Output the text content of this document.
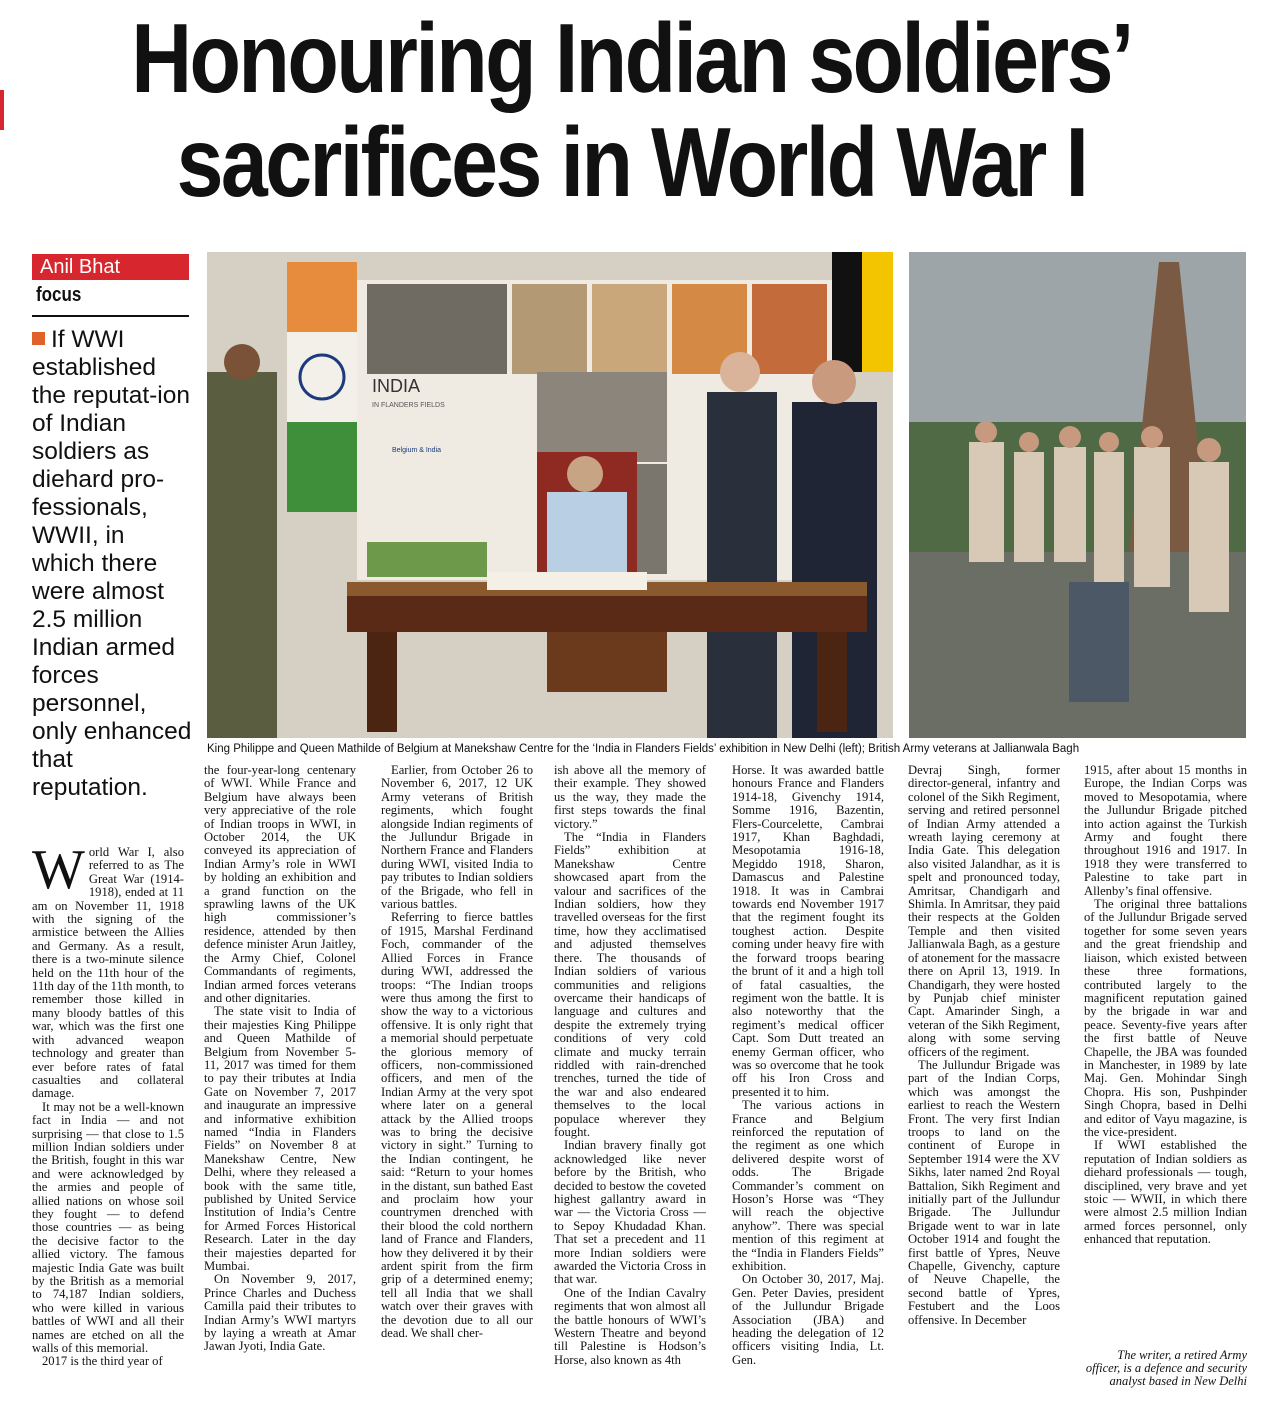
Honouring Indian soldiers’
sacrifices in World War I
Anil Bhat
focus
If WWI established the reputat-ion of Indian soldiers as diehard pro-fessionals, WWII, in which there were almost 2.5 million Indian armed forces personnel, only enhanced that reputation.
INDIA
IN FLANDERS FIELDS
Belgium & India
King Philippe and Queen Mathilde of Belgium at Manekshaw Centre for the ‘India in Flanders Fields’ exhibition in New Delhi (left); British Army veterans at Jallianwala Bagh

World War I, also referred to as The Great War (1914-1918), ended at 11 am on November 11, 1918 with the signing of the armistice between the Allies and Germany. As a result, there is a two-minute silence held on the 11th hour of the 11th day of the 11th month, to remember those killed in many bloody battles of this war, which was the first one with advanced weapon technology and greater than ever before rates of fatal casualties and collateral damage.

It may not be a well-known fact in India — and not surprising — that close to 1.5 million Indian soldiers under the British, fought in this war and were acknowledged by the armies and people of allied nations on whose soil they fought — to defend those countries — as being the decisive factor to the allied victory. The famous majestic India Gate was built by the British as a memorial to 74,187 Indian soldiers, who were killed in various battles of WWI and all their names are etched on all the walls of this memorial.

2017 is the third year of

the four-year-long centenary of WWI. While France and Belgium have always been very appreciative of the role of Indian troops in WWI, in October 2014, the UK conveyed its appreciation of Indian Army’s role in WWI by holding an exhibition and a grand function on the sprawling lawns of the UK high commissioner’s residence, attended by then defence minister Arun Jaitley, the Army Chief, Colonel Commandants of regiments, Indian armed forces veterans and other dignitaries.

The state visit to India of their majesties King Philippe and Queen Mathilde of Belgium from November 5-11, 2017 was timed for them to pay their tributes at India Gate on November 7, 2017 and inaugurate an impressive and informative exhibition named “India in Flanders Fields” on November 8 at Manekshaw Centre, New Delhi, where they released a book with the same title, published by United Service Institution of India’s Centre for Armed Forces Historical Research. Later in the day their majesties departed for Mumbai.

On November 9, 2017, Prince Charles and Duchess Camilla paid their tributes to Indian Army’s WWI martyrs by laying a wreath at Amar Jawan Jyoti, India Gate.

Earlier, from October 26 to November 6, 2017, 12 UK Army veterans of British regiments, which fought alongside Indian regiments of the Jullundur Brigade in Northern France and Flanders during WWI, visited India to pay tributes to Indian soldiers of the Brigade, who fell in various battles.

Referring to fierce battles of 1915, Marshal Ferdinand Foch, commander of the Allied Forces in France during WWI, addressed the troops: “The Indian troops were thus among the first to show the way to a victorious offensive. It is only right that a memorial should perpetuate the glorious memory of officers, non-commissioned officers, and men of the Indian Army at the very spot where later on a general attack by the Allied troops was to bring the decisive victory in sight.” Turning to the Indian contingent, he said: “Return to your homes in the distant, sun bathed East and proclaim how your countrymen drenched with their blood the cold northern land of France and Flanders, how they delivered it by their ardent spirit from the firm grip of a determined enemy; tell all India that we shall watch over their graves with the devotion due to all our dead. We shall cher-

ish above all the memory of their example. They showed us the way, they made the first steps towards the final victory.”

The “India in Flanders Fields” exhibition at Manekshaw Centre showcased apart from the valour and sacrifices of the Indian soldiers, how they travelled overseas for the first time, how they acclimatised and adjusted themselves there. The thousands of Indian soldiers of various communities and religions overcame their handicaps of language and cultures and despite the extremely trying conditions of very cold climate and mucky terrain riddled with rain-drenched trenches, turned the tide of the war and also endeared themselves to the local populace wherever they fought.

Indian bravery finally got acknowledged like never before by the British, who decided to bestow the coveted highest gallantry award in war — the Victoria Cross — to Sepoy Khudadad Khan. That set a precedent and 11 more Indian soldiers were awarded the Victoria Cross in that war.

One of the Indian Cavalry regiments that won almost all the battle honours of WWI’s Western Theatre and beyond till Palestine is Hodson’s Horse, also known as 4th

Horse. It was awarded battle honours France and Flanders 1914-18, Givenchy 1914, Somme 1916, Bazentin, Flers-Courcelette, Cambrai 1917, Khan Baghdadi, Mesopotamia 1916-18, Megiddo 1918, Sharon, Damascus and Palestine 1918. It was in Cambrai towards end November 1917 that the regiment fought its toughest action. Despite coming under heavy fire with the forward troops bearing the brunt of it and a high toll of fatal casualties, the regiment won the battle. It is also noteworthy that the regiment’s medical officer Capt. Som Dutt treated an enemy German officer, who was so overcome that he took off his Iron Cross and presented it to him.

The various actions in France and Belgium reinforced the reputation of the regiment as one which delivered despite worst of odds. The Brigade Commander’s comment on Hoson’s Horse was “They will reach the objective anyhow”. There was special mention of this regiment at the “India in Flanders Fields” exhibition.

On October 30, 2017, Maj. Gen. Peter Davies, president of the Jullundur Brigade Association (JBA) and heading the delegation of 12 officers visiting India, Lt. Gen.

Devraj Singh, former director-general, infantry and colonel of the Sikh Regiment, serving and retired personnel of Indian Army attended a wreath laying ceremony at India Gate. This delegation also visited Jalandhar, as it is spelt and pronounced today, Amritsar, Chandigarh and Shimla. In Amritsar, they paid their respects at the Golden Temple and then visited Jallianwala Bagh, as a gesture of atonement for the massacre there on April 13, 1919. In Chandigarh, they were hosted by Punjab chief minister Capt. Amarinder Singh, a veteran of the Sikh Regiment, along with some serving officers of the regiment.

The Jullundur Brigade was part of the Indian Corps, which was amongst the earliest to reach the Western Front. The very first Indian troops to land on the continent of Europe in September 1914 were the XV Sikhs, later named 2nd Royal Battalion, Sikh Regiment and initially part of the Jullundur Brigade. The Jullundur Brigade went to war in late October 1914 and fought the first battle of Ypres, Neuve Chapelle, Givenchy, capture of Neuve Chapelle, the second battle of Ypres, Festubert and the Loos offensive. In December

1915, after about 15 months in Europe, the Indian Corps was moved to Mesopotamia, where the Jullundur Brigade pitched into action against the Turkish Army and fought there throughout 1916 and 1917. In 1918 they were transferred to Palestine to take part in Allenby’s final offensive.

The original three battalions of the Jullundur Brigade served together for some seven years and the great friendship and liaison, which existed between these three formations, contributed largely to the magnificent reputation gained by the brigade in war and peace. Seventy-five years after the first battle of Neuve Chapelle, the JBA was founded in Manchester, in 1989 by late Maj. Gen. Mohindar Singh Chopra. His son, Pushpinder Singh Chopra, based in Delhi and editor of Vayu magazine, is the vice-president.

If WWI established the reputation of Indian soldiers as diehard professionals — tough, disciplined, very brave and yet stoic — WWII, in which there were almost 2.5 million Indian armed forces personnel, only enhanced that reputation.

The writer, a retired Army officer, is a defence and security analyst based in New Delhi
